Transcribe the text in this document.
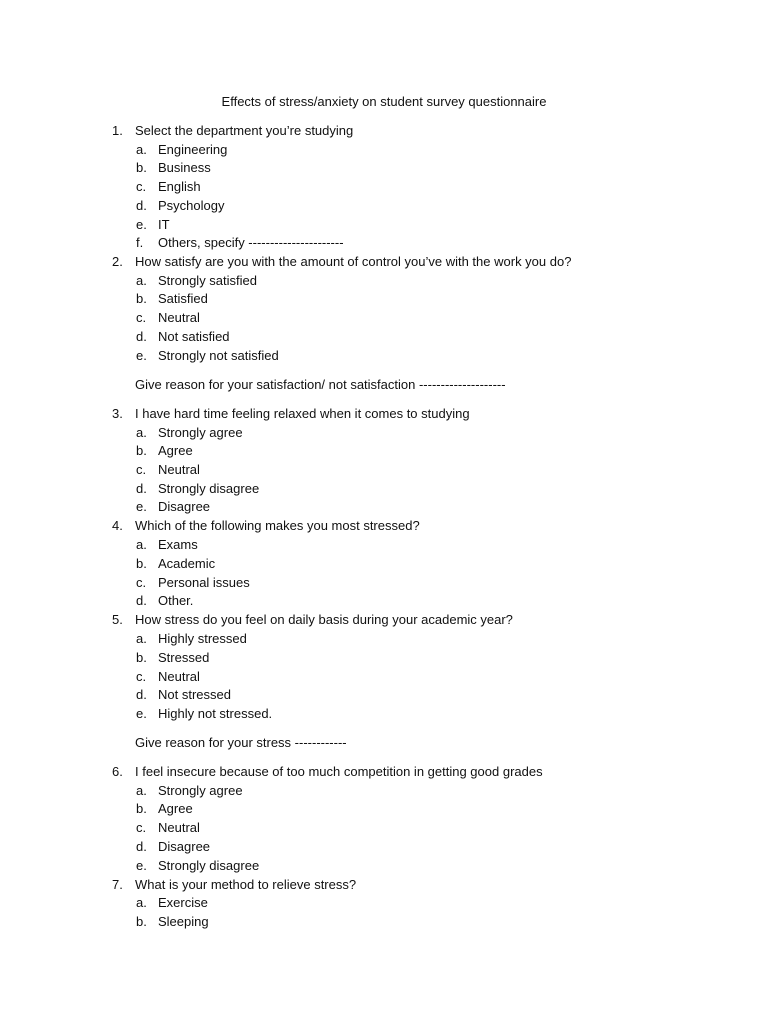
Effects of stress/anxiety on student survey questionnaire
1. Select the department you’re studying
a. Engineering
b. Business
c. English
d. Psychology
e. IT
f. Others, specify ----------------------
2. How satisfy are you with the amount of control you’ve with the work you do?
a. Strongly satisfied
b. Satisfied
c. Neutral
d. Not satisfied
e. Strongly not satisfied
Give reason for your satisfaction/ not satisfaction --------------------
3. I have hard time feeling relaxed when it comes to studying
a. Strongly agree
b. Agree
c. Neutral
d. Strongly disagree
e. Disagree
4. Which of the following makes you most stressed?
a. Exams
b. Academic
c. Personal issues
d. Other.
5. How stress do you feel on daily basis during your academic year?
a. Highly stressed
b. Stressed
c. Neutral
d. Not stressed
e. Highly not stressed.
Give reason for your stress ------------
6. I feel insecure because of too much competition in getting good grades
a. Strongly agree
b. Agree
c. Neutral
d. Disagree
e. Strongly disagree
7. What is your method to relieve stress?
a. Exercise
b. Sleeping
